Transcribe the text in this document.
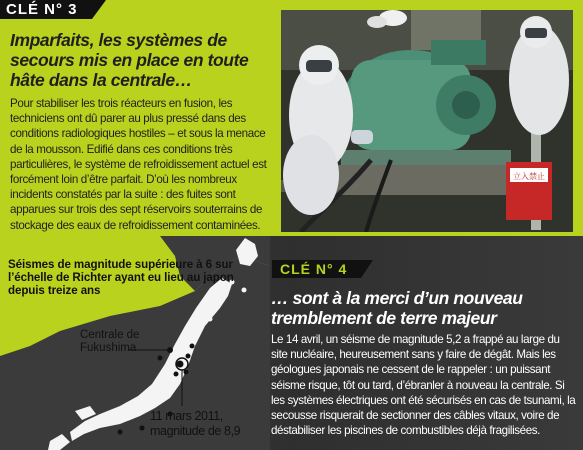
CLÉ N° 3
Imparfaits, les systèmes de secours mis en place en toute hâte dans la centrale…

Pour stabiliser les trois réacteurs en fusion, les techniciens ont dû parer au plus pressé dans des conditions radiologiques hostiles – et sous la menace de la mousson. Edifié dans ces conditions très particulières, le système de refroidissement actuel est forcément loin d’être parfait. D’où les nombreux incidents constatés par la suite : des fuites sont apparues sur trois des sept réservoirs souterrains de stockage des eaux de refroidissement contaminées.

立入禁止
Séismes de magnitude supérieure à 6 sur l’échelle de Richter ayant eu lieu au japon depuis treize ans
Centrale de
Fukushima
11 mars 2011,
magnitude de 8,9
CLÉ N° 4
… sont à la merci d’un nouveau tremblement de terre majeur

Le 14 avril, un séisme de magnitude 5,2 a frappé au large du site nucléaire, heureusement sans y faire de dégât. Mais les géologues japonais ne cessent de le rappeler : un puissant séisme risque, tôt ou tard, d’ébranler à nouveau la centrale. Si les systèmes électriques ont été sécurisés en cas de tsunami, la secousse risquerait de sectionner des câbles vitaux, voire de déstabiliser les piscines de combustibles déjà fragilisées.
